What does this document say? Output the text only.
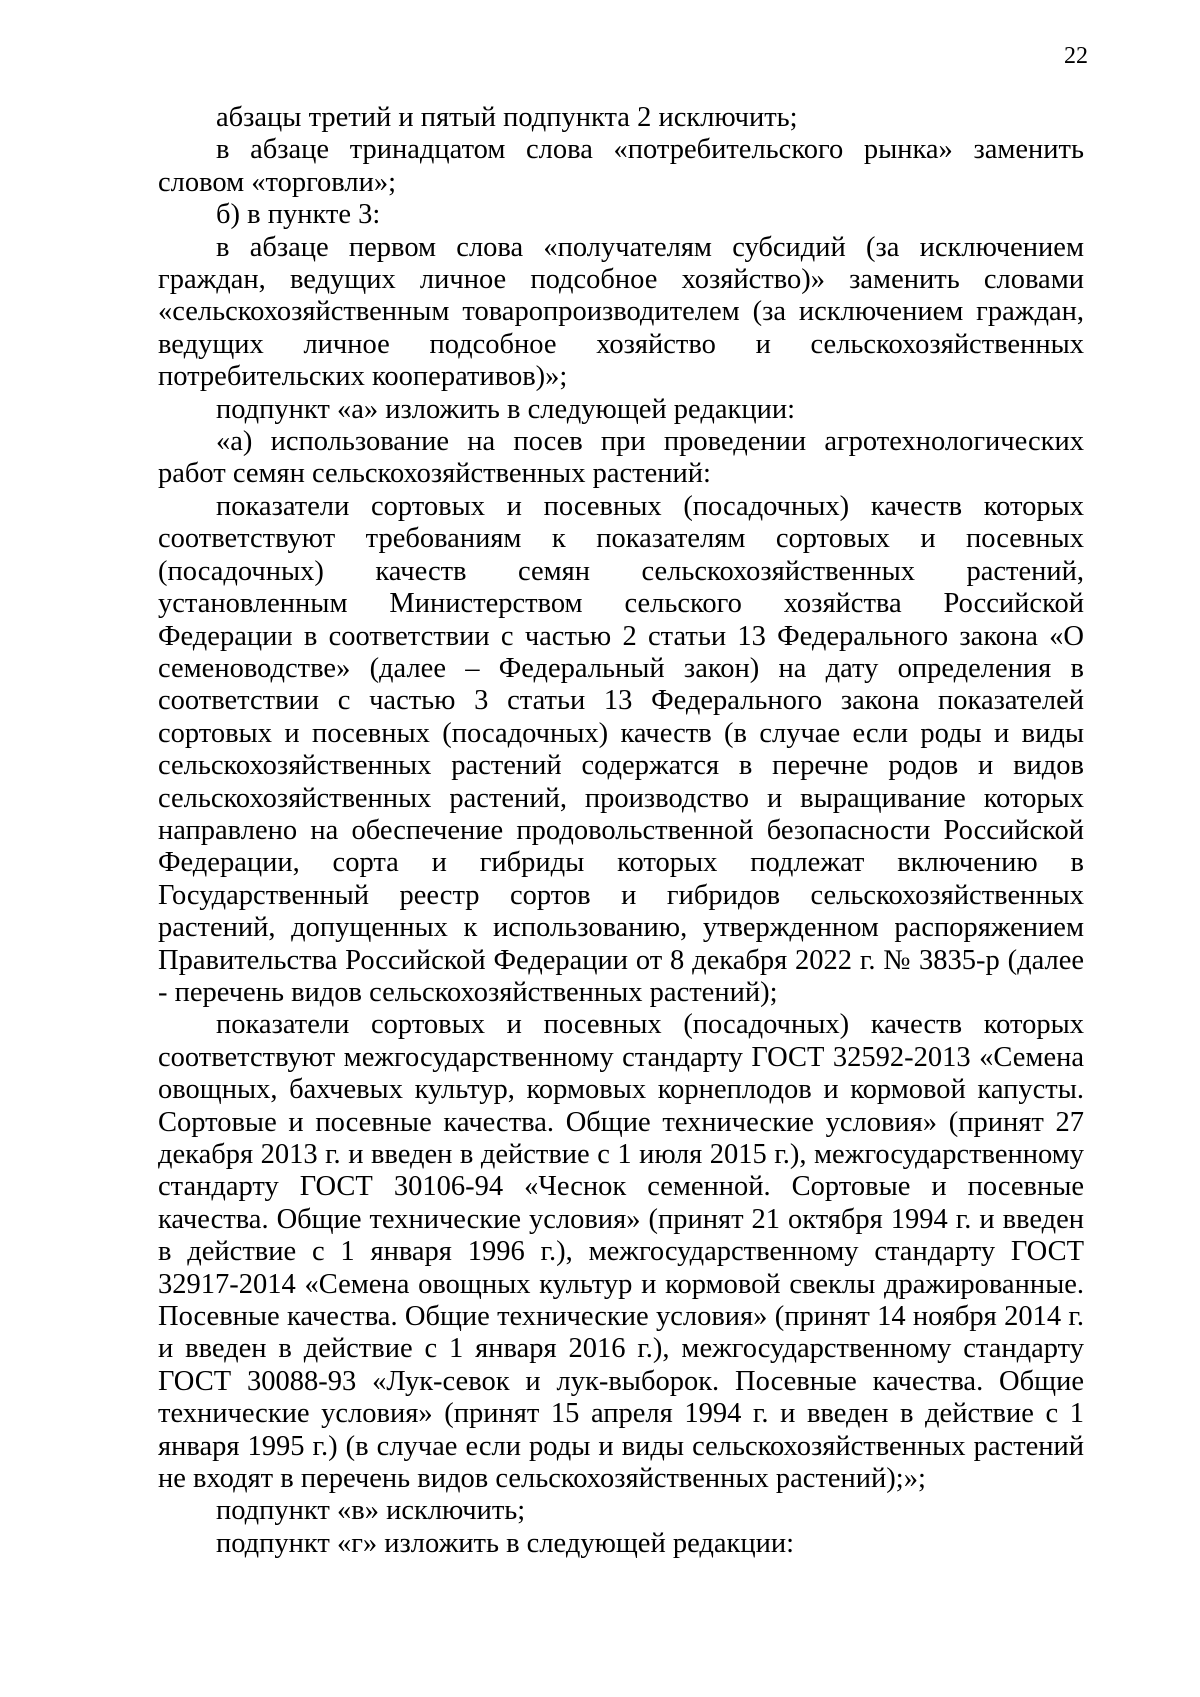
22

абзацы третий и пятый подпункта 2 исключить;

в абзаце тринадцатом слова «потребительского рынка» заменить словом «торговли»;

б) в пункте 3:

в абзаце первом слова «получателям субсидий (за исключением граждан, ведущих личное подсобное хозяйство)» заменить словами «сельскохозяйственным товаропроизводителем (за исключением граждан, ведущих личное подсобное хозяйство и сельскохозяйственных потребительских кооперативов)»;

подпункт «а» изложить в следующей редакции:

«а) использование на посев при проведении агротехнологических работ семян сельскохозяйственных растений:

показатели сортовых и посевных (посадочных) качеств которых соответствуют требованиям к показателям сортовых и посевных (посадочных) качеств семян сельскохозяйственных растений, установленным Министерством сельского хозяйства Российской Федерации в соответствии с частью 2 статьи 13 Федерального закона «О семеноводстве» (далее – Федеральный закон) на дату определения в соответствии с частью 3 статьи 13 Федерального закона показателей сортовых и посевных (посадочных) качеств (в случае если роды и виды сельскохозяйственных растений содержатся в перечне родов и видов сельскохозяйственных растений, производство и выращивание которых направлено на обеспечение продовольственной безопасности Российской Федерации, сорта и гибриды которых подлежат включению в Государственный реестр сортов и гибридов сельскохозяйственных растений, допущенных к использованию, утвержденном распоряжением Правительства Российской Федерации от 8 декабря 2022 г. № 3835-р (далее - перечень видов сельскохозяйственных растений);

показатели сортовых и посевных (посадочных) качеств которых соответствуют межгосударственному стандарту ГОСТ 32592-2013 «Семена овощных, бахчевых культур, кормовых корнеплодов и кормовой капусты. Сортовые и посевные качества. Общие технические условия» (принят 27 декабря 2013 г. и введен в действие с 1 июля 2015 г.), межгосударственному стандарту ГОСТ 30106-94 «Чеснок семенной. Сортовые и посевные качества. Общие технические условия» (принят 21 октября 1994 г. и введен в действие с 1 января 1996 г.), межгосударственному стандарту ГОСТ 32917-2014 «Семена овощных культур и кормовой свеклы дражированные. Посевные качества. Общие технические условия» (принят 14 ноября 2014 г. и введен в действие с 1 января 2016 г.), межгосударственному стандарту ГОСТ 30088-93 «Лук-севок и лук-выборок. Посевные качества. Общие технические условия» (принят 15 апреля 1994 г. и введен в действие с 1 января 1995 г.) (в случае если роды и виды сельскохозяйственных растений не входят в перечень видов сельскохозяйственных растений);»;

подпункт «в» исключить;

подпункт «г» изложить в следующей редакции:
